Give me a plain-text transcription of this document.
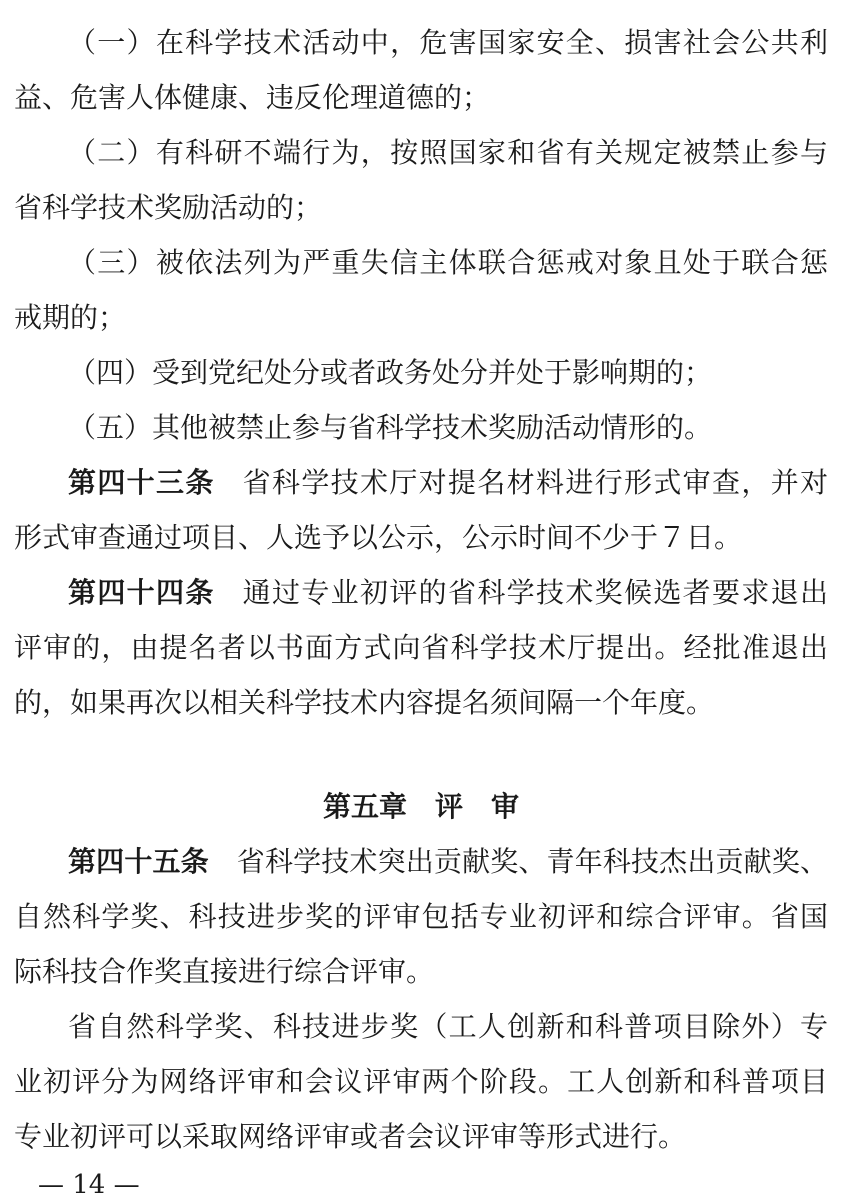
（一）在科学技术活动中，危害国家安全、损害社会公共利
益、危害人体健康、违反伦理道德的；
（二）有科研不端行为，按照国家和省有关规定被禁止参与
省科学技术奖励活动的；
（三）被依法列为严重失信主体联合惩戒对象且处于联合惩
戒期的；
（四）受到党纪处分或者政务处分并处于影响期的；
（五）其他被禁止参与省科学技术奖励活动情形的。
第四十三条 省科学技术厅对提名材料进行形式审查，并对
形式审查通过项目、人选予以公示，公示时间不少于７日。
第四十四条 通过专业初评的省科学技术奖候选者要求退出
评审的，由提名者以书面方式向省科学技术厅提出。经批准退出
的，如果再次以相关科学技术内容提名须间隔一个年度。
第五章 评　审
第四十五条 省科学技术突出贡献奖、青年科技杰出贡献奖、
自然科学奖、科技进步奖的评审包括专业初评和综合评审。省国
际科技合作奖直接进行综合评审。
省自然科学奖、科技进步奖（工人创新和科普项目除外）专
业初评分为网络评审和会议评审两个阶段。工人创新和科普项目
专业初评可以采取网络评审或者会议评审等形式进行。
— 14 —
